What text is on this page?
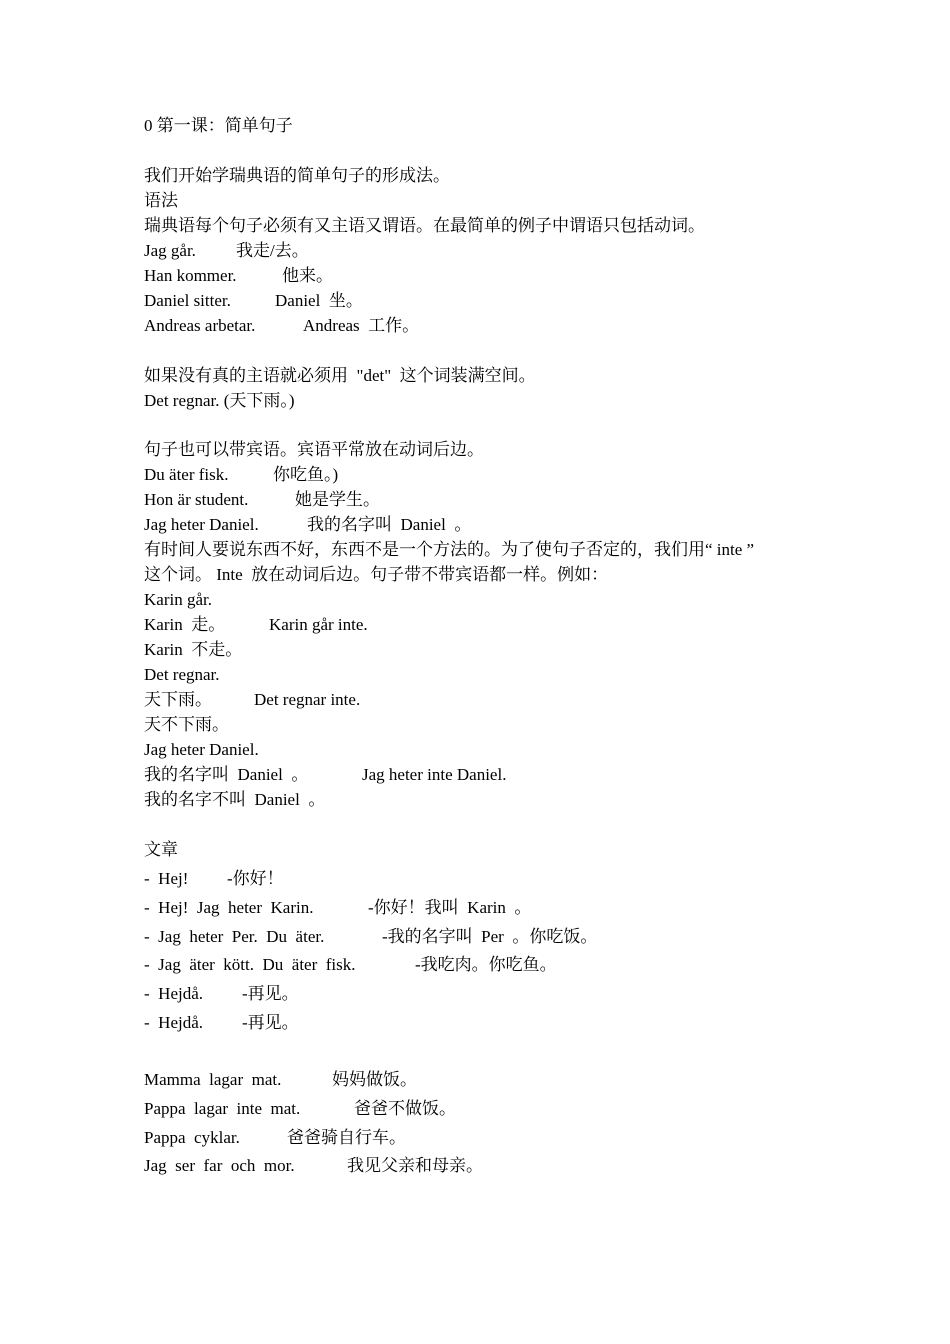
0 第一课：简单句子
我们开始学瑞典语的简单句子的形成法。
语法
瑞典语每个句子必须有又主语又谓语。在最简单的例子中谓语只包括动词。
Jag går. 我走/去。
Han kommer.	他来。
Daniel sitter.	Daniel  坐。
Andreas arbetar.	Andreas  工作。
如果没有真的主语就必须用  "det"  这个词装满空间。
Det regnar. (天下雨。)
句子也可以带宾语。宾语平常放在动词后边。
Du äter fisk.	你吃鱼。)
Hon är student.	她是学生。
Jag heter Daniel.	我的名字叫  Daniel  。
有时间人要说东西不好，东西不是一个方法的。为了使句子否定的，我们用“ inte ”
这个词。 Inte  放在动词后边。句子带不带宾语都一样。例如：
Karin går.
Karin  走。	Karin går inte.
Karin  不走。
Det regnar.
天下雨。 Det regnar inte.
天不下雨。
Jag heter Daniel.
我的名字叫  Daniel  。	Jag heter inte Daniel.
我的名字不叫  Daniel  。
文章
-  Hej! -你好！
-  Hej!  Jag  heter  Karin.	-你好！我叫  Karin  。
-  Jag  heter  Per.  Du  äter.	-我的名字叫  Per  。你吃饭。
-  Jag  äter  kött.  Du  äter  fisk.	-我吃肉。你吃鱼。
-  Hejdå. -再见。
-  Hejdå. -再见。
Mamma  lagar  mat.	妈妈做饭。
Pappa  lagar  inte  mat.	爸爸不做饭。
Pappa  cyklar.	爸爸骑自行车。
Jag  ser  far  och  mor.	我见父亲和母亲。
